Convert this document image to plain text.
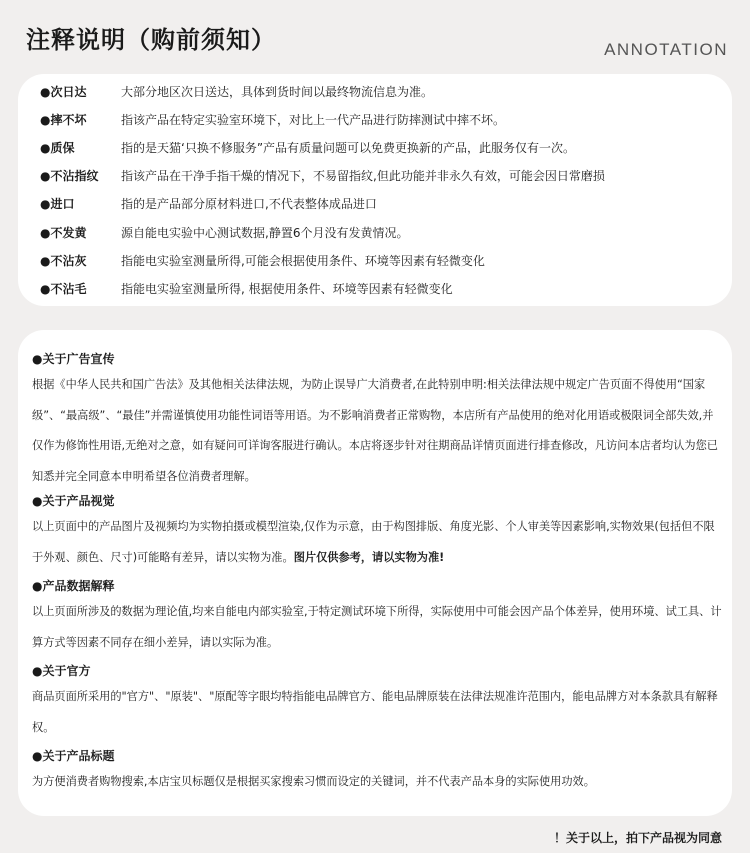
注释说明（购前须知）	ANNOTATION
●次日达	大部分地区次日送达，具体到货时间以最终物流信息为准。
●摔不坏	指该产品在特定实验室环境下，对比上一代产品进行防摔测试中摔不坏。
●质保	指的是天猫‘只换不修服务”产品有质量问题可以免费更换新的产品，此服务仅有一次。
●不沾指纹 指该产品在干净手指干燥的情况下，不易留指纹,但此功能并非永久有效，可能会因日常磨损
●进口	指的是产品部分原材料进口,不代表整体成品进口
●不发黄	源自能电实验中心测试数据,静置6个月没有发黄情况。
●不沾灰	指能电实验室测量所得,可能会根据使用条件、环境等因素有轻微变化
●不沾毛	指能电实验室测量所得, 根据使用条件、环境等因素有轻微变化
●关于广告宣传
根据《中华人民共和国广告法》及其他相关法律法规，为防止误导广大消费者,在此特别申明:相关法律法规中规定广告页面不得使用“国家级”、“最高级”、“最佳”并需谨慎使用功能性词语等用语。为不影响消费者正常购物，本店所有产品使用的绝对化用语或极限词全部失效,并仅作为修饰性用语,无绝对之意，如有疑问可详询客服进行确认。本店将逐步针对往期商品详情页面进行排查修改，凡访问本店者均认为您已知悉并完全同意本申明希望各位消费者理解。
●关于产品视觉
以上页面中的产品图片及视频均为实物拍摄或模型渲染,仅作为示意，由于构图排版、角度光影、个人审美等因素影响,实物效果(包括但不限于外观、颜色、尺寸)可能略有差异，请以实物为准。图片仅供参考，请以实物为准!
●产品数据解释
以上页面所涉及的数据为理论值,均来自能电内部实验室,于特定测试环境下所得，实际使用中可能会因产品个体差异，使用环境、试工具、计算方式等因素不同存在细小差异，请以实际为准。
●关于官方
商品页面所采用的"官方"、"原装"、"原配等字眼均特指能电品牌官方、能电品牌原装在法律法规准许范围内，能电品牌方对本条款具有解释权。
●关于产品标题
为方便消费者购物搜索,本店宝贝标题仅是根据买家搜索习惯而设定的关键词，并不代表产品本身的实际使用功效。
！关于以上，拍下产品视为同意
